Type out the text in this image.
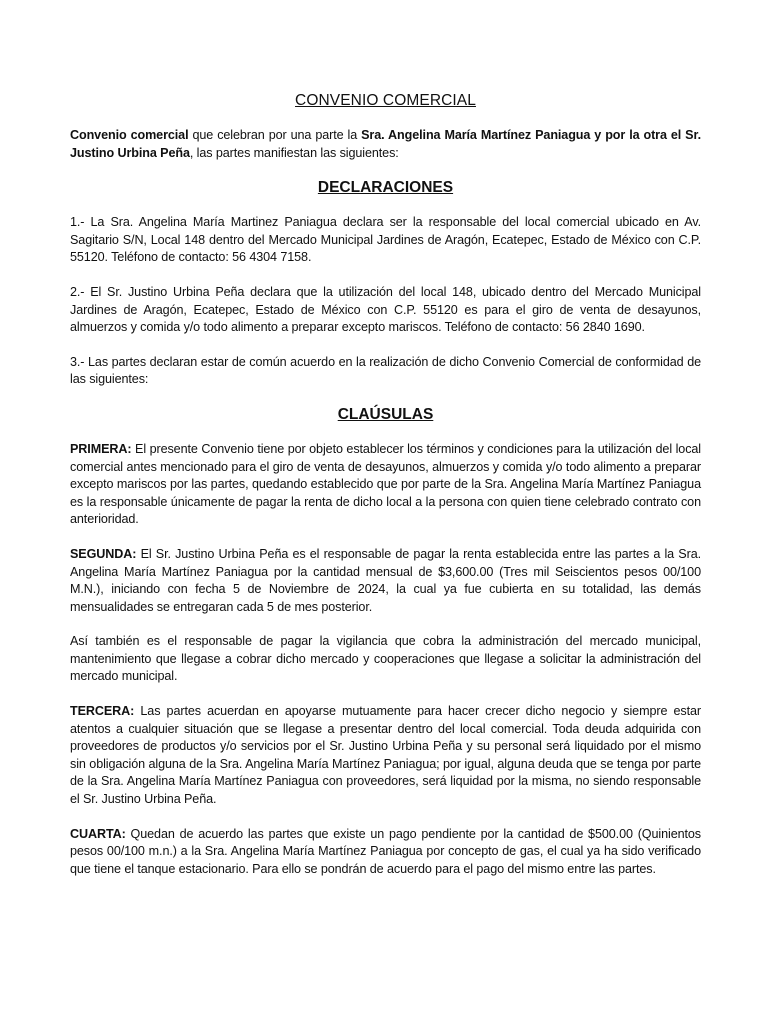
CONVENIO COMERCIAL

Convenio comercial que celebran por una parte la Sra. Angelina María Martínez Paniagua y por la otra el Sr. Justino Urbina Peña, las partes manifiestan las siguientes:

DECLARACIONES

1.- La Sra. Angelina María Martinez Paniagua declara ser la responsable del local comercial ubicado en Av. Sagitario S/N, Local 148 dentro del Mercado Municipal Jardines de Aragón, Ecatepec, Estado de México con C.P. 55120. Teléfono de contacto: 56 4304 7158.

2.- El Sr. Justino Urbina Peña declara que la utilización del local 148, ubicado dentro del Mercado Municipal Jardines de Aragón, Ecatepec, Estado de México con C.P. 55120 es para el giro de venta de desayunos, almuerzos y comida y/o todo alimento a preparar excepto mariscos. Teléfono de contacto: 56 2840 1690.

3.- Las partes declaran estar de común acuerdo en la realización de dicho Convenio Comercial de conformidad de las siguientes:

CLAÚSULAS

PRIMERA: El presente Convenio tiene por objeto establecer los términos y condiciones para la utilización del local comercial antes mencionado para el giro de venta de desayunos, almuerzos y comida y/o todo alimento a preparar excepto mariscos por las partes, quedando establecido que por parte de la Sra. Angelina María Martínez Paniagua es la responsable únicamente de pagar la renta de dicho local a la persona con quien tiene celebrado contrato con anterioridad.

SEGUNDA: El Sr. Justino Urbina Peña es el responsable de pagar la renta establecida entre las partes a la Sra. Angelina María Martínez Paniagua por la cantidad mensual de $3,600.00 (Tres mil Seiscientos pesos 00/100 M.N.), iniciando con fecha 5 de Noviembre de 2024, la cual ya fue cubierta en su totalidad, las demás mensualidades se entregaran cada 5 de mes posterior.

Así también es el responsable de pagar la vigilancia que cobra la administración del mercado municipal, mantenimiento que llegase a cobrar dicho mercado y cooperaciones que llegase a solicitar la administración del mercado municipal.

TERCERA: Las partes acuerdan en apoyarse mutuamente para hacer crecer dicho negocio y siempre estar atentos a cualquier situación que se llegase a presentar dentro del local comercial. Toda deuda adquirida con proveedores de productos y/o servicios por el Sr. Justino Urbina Peña y su personal será liquidado por el mismo sin obligación alguna de la Sra. Angelina María Martínez Paniagua; por igual, alguna deuda que se tenga por parte de la Sra. Angelina María Martínez Paniagua con proveedores, será liquidad por la misma, no siendo responsable el Sr. Justino Urbina Peña.

CUARTA: Quedan de acuerdo las partes que existe un pago pendiente por la cantidad de $500.00 (Quinientos pesos 00/100 m.n.) a la Sra. Angelina María Martínez Paniagua por concepto de gas, el cual ya ha sido verificado que tiene el tanque estacionario. Para ello se pondrán de acuerdo para el pago del mismo entre las partes.
